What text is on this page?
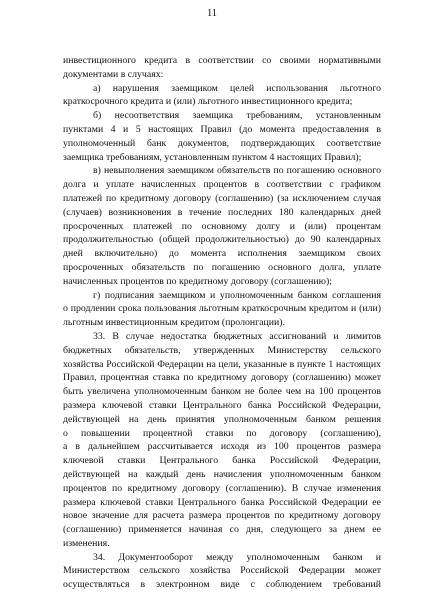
11
инвестиционного кредита в соответствии со своими нормативными
документами в случаях:
а) нарушения заемщиком целей использования льготного
краткосрочного кредита и (или) льготного инвестиционного кредита;
б) несоответствия заемщика требованиям, установленным
пунктами 4 и 5 настоящих Правил (до момента предоставления в
уполномоченный банк документов, подтверждающих соответствие
заемщика требованиям, установленным пунктом 4 настоящих Правил);
в) невыполнения заемщиком обязательств по погашению основного
долга и уплате начисленных процентов в соответствии с графиком
платежей по кредитному договору (соглашению) (за исключением случая
(случаев) возникновения в течение последних 180 календарных дней
просроченных платежей по основному долгу и (или) процентам
продолжительностью (общей продолжительностью) до 90 календарных
дней включительно) до момента исполнения заемщиком своих
просроченных обязательств по погашению основного долга, уплате
начисленных процентов по кредитному договору (соглашению);
г) подписания заемщиком и уполномоченным банком соглашения
о продлении срока пользования льготным краткосрочным кредитом и (или)
льготным инвестиционным кредитом (пролонгации).
33. В случае недостатка бюджетных ассигнований и лимитов
бюджетных обязательств, утвержденных Министерству сельского
хозяйства Российской Федерации на цели, указанные в пункте 1 настоящих
Правил, процентная ставка по кредитному договору (соглашению) может
быть увеличена уполномоченным банком не более чем на 100 процентов
размера ключевой ставки Центрального банка Российской Федерации,
действующей на день принятия уполномоченным банком решения
о повышении процентной ставки по договору (соглашению),
а в дальнейшем рассчитывается исходя из 100 процентов размера
ключевой ставки Центрального банка Российской Федерации,
действующей на каждый день начисления уполномоченным банком
процентов по кредитному договору (соглашению). В случае изменения
размера ключевой ставки Центрального банка Российской Федерации ее
новое значение для расчета размера процентов по кредитному договору
(соглашению) применяется начиная со дня, следующего за днем ее
изменения.
34. Документооборот между уполномоченным банком и
Министерством сельского хозяйства Российской Федерации может
осуществляться в электронном виде с соблюдением требований
